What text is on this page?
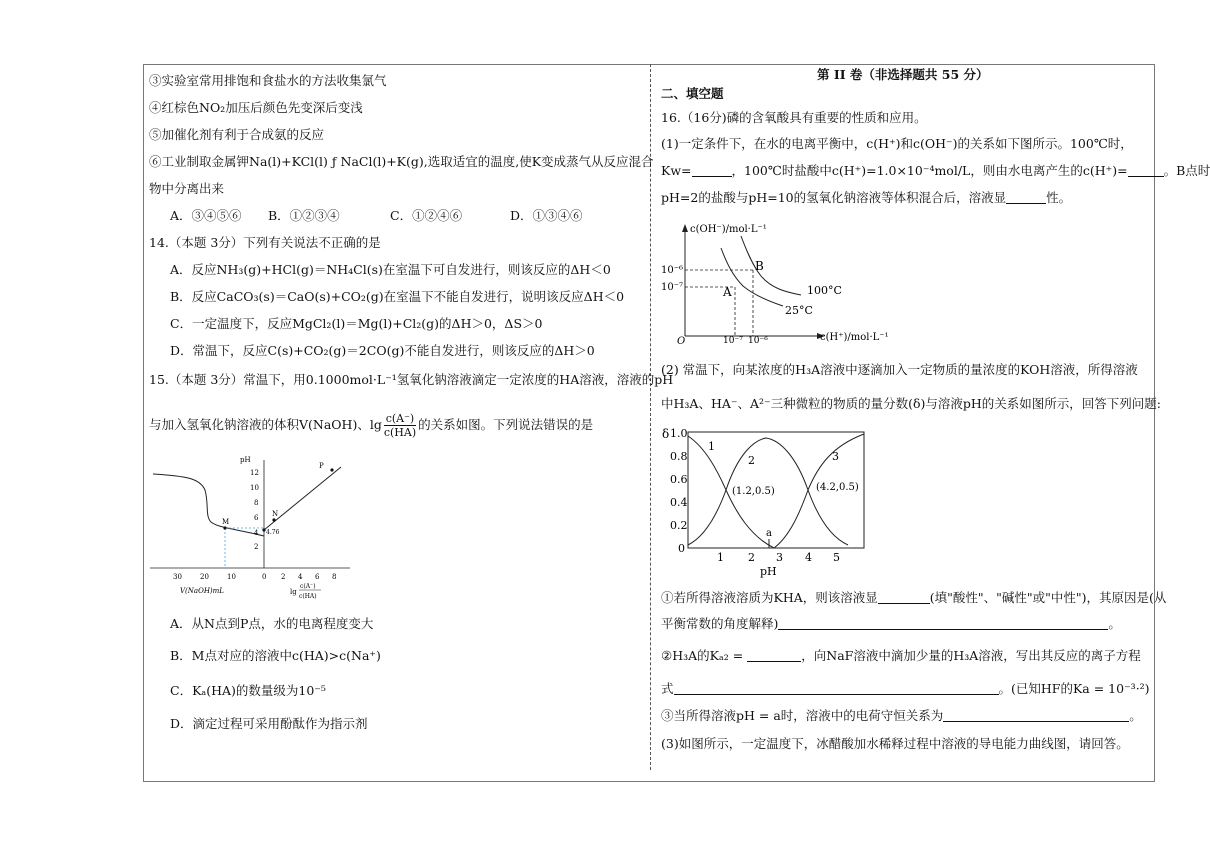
③实验室常用排饱和食盐水的方法收集氯气
④红棕色NO₂加压后颜色先变深后变浅
⑤加催化剂有利于合成氨的反应
⑥工业制取金属钾Na(l)+KCl(l) ƒ NaCl(l)+K(g),选取适宜的温度,使K变成蒸气从反应混合
物中分离出来
A．③④⑤⑥ B．①②③④	C．①②④⑥	D．①③④⑥
14.（本题 3分）下列有关说法不正确的是
A．反应NH₃(g)+HCl(g)＝NH₄Cl(s)在室温下可自发进行，则该反应的ΔH＜0
B．反应CaCO₃(s)＝CaO(s)+CO₂(g)在室温下不能自发进行，说明该反应ΔH＜0
C．一定温度下，反应MgCl₂(l)＝Mg(l)+Cl₂(g)的ΔH＞0，ΔS＞0
D．常温下，反应C(s)+CO₂(g)＝2CO(g)不能自发进行，则该反应的ΔH＞0
15.（本题 3分）常温下，用0.1000mol·L⁻¹氢氧化钠溶液滴定一定浓度的HA溶液，溶液的pH
与加入氢氧化钠溶液的体积V(NaOH)、$\lg \frac{c(A^-)}{c(HA)}$ 的关系如图。下列说法错误的是
pH
2
4
6
8
10
12
30	20	10	0 2 4 6 8
V(NaOH)mL	lg
c(A⁻)
c(HA)
M
N
P
4.76
A．从N点到P点，水的电离程度变大
B．M点对应的溶液中c(HA)>c(Na⁺)
C．Kₐ(HA)的数量级为10⁻⁵
D．滴定过程可采用酚酞作为指示剂
第 II 卷（非选择题共 55 分）
二、填空题
16.（16分)磷的含氧酸具有重要的性质和应用。
(1)一定条件下，在水的电离平衡中，c(H⁺)和c(OH⁻)的关系如下图所示。100℃时，
Kw=	，100℃时盐酸中c(H⁺)=1.0×10⁻⁴mol/L，则由水电离产生的c(H⁺)=	。B点时
pH=2的盐酸与pH=10的氢氧化钠溶液等体积混合后，溶液显	性。
c(OH⁻)/mol·L⁻¹
c(H⁺)/mol·L⁻¹
O
10⁻⁶
10⁻⁷
10⁻⁷ 10⁻⁶
B
A	100°C
25°C
(2) 常温下，向某浓度的H₃A溶液中逐滴加入一定物质的量浓度的KOH溶液，所得溶液
中H₃A、HA⁻、A²⁻三种微粒的物质的量分数(δ)与溶液pH的关系如图所示，回答下列问题:
δ
0
0.2
0.4
0.6
0.8
1.0
1 2 3 4 5
pH
1
2	3
(1.2,0.5)	(4.2,0.5)
a
①若所得溶液溶质为KHA，则该溶液显	(填"酸性"、"碱性"或"中性")，其原因是(从
平衡常数的角度解释)	。
②H₃A的Kₐ₂ =	，向NaF溶液中滴加少量的H₃A溶液，写出其反应的离子方程
式	。(已知HF的Ka = 10⁻³·²)
③当所得溶液pH = a时，溶液中的电荷守恒关系为	。
(3)如图所示，一定温度下，冰醋酸加水稀释过程中溶液的导电能力曲线图，请回答。
